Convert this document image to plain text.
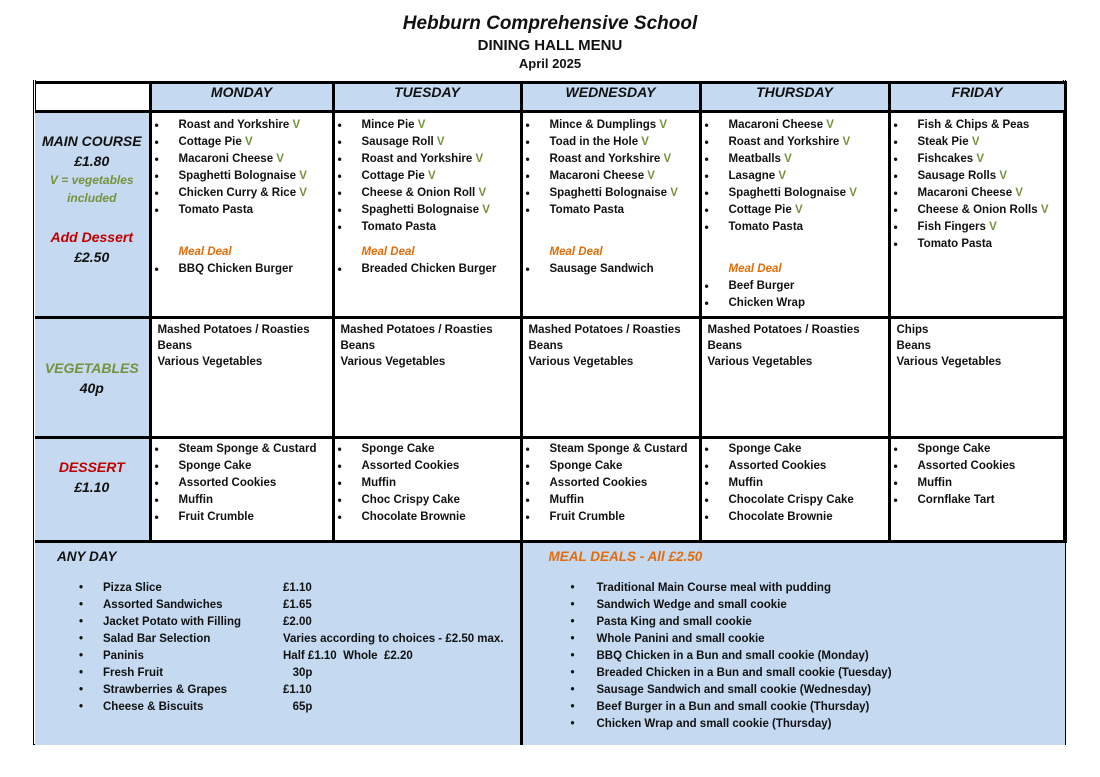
Hebburn Comprehensive School
DINING HALL MENU
April 2025
	MONDAY	TUESDAY	WEDNESDAY	THURSDAY	FRIDAY

MAIN COURSE
£1.80
V = vegetables
included
Add Dessert
£2.50

• Roast and Yorkshire V
• Cottage Pie V
• Macaroni Cheese V
• Spaghetti Bolognaise V
• Chicken Curry & Rice V
• Tomato Pasta
Meal Deal
• BBQ Chicken Burger

• Mince Pie V
• Sausage Roll V
• Roast and Yorkshire V
• Cottage Pie V
• Cheese & Onion Roll V
• Spaghetti Bolognaise V
• Tomato Pasta
Meal Deal
• Breaded Chicken Burger

• Mince & Dumplings V
• Toad in the Hole V
• Roast and Yorkshire V
• Macaroni Cheese V
• Spaghetti Bolognaise V
• Tomato Pasta
Meal Deal
• Sausage Sandwich

• Macaroni Cheese V
• Roast and Yorkshire V
• Meatballs V
• Lasagne V
• Spaghetti Bolognaise V
• Cottage Pie V
• Tomato Pasta
Meal Deal
• Beef Burger
• Chicken Wrap

• Fish & Chips & Peas
• Steak Pie V
• Fishcakes V
• Sausage Rolls V
• Macaroni Cheese V
• Cheese & Onion Rolls V
• Fish Fingers V
• Tomato Pasta

VEGETABLES
40p

Mashed Potatoes / Roasties
Beans
Various Vegetables

Mashed Potatoes / Roasties
Beans
Various Vegetables

Mashed Potatoes / Roasties
Beans
Various Vegetables

Mashed Potatoes / Roasties
Beans
Various Vegetables

Chips
Beans
Various Vegetables

DESSERT
£1.10

• Steam Sponge & Custard
• Sponge Cake
• Assorted Cookies
• Muffin
• Fruit Crumble

• Sponge Cake
• Assorted Cookies
• Muffin
• Choc Crispy Cake
• Chocolate Brownie

• Steam Sponge & Custard
• Sponge Cake
• Assorted Cookies
• Muffin
• Fruit Crumble

• Sponge Cake
• Assorted Cookies
• Muffin
• Chocolate Crispy Cake
• Chocolate Brownie

• Sponge Cake
• Assorted Cookies
• Muffin
• Cornflake Tart

ANY DAY
• Pizza Slice	£1.10
• Assorted Sandwiches	£1.65
• Jacket Potato with Filling	£2.00
• Salad Bar Selection	Varies according to choices - £2.50 max.
• Paninis	Half £1.10  Whole  £2.20
• Fresh Fruit	30p
• Strawberries & Grapes	£1.10
• Cheese & Biscuits	65p

MEAL DEALS - All £2.50
• Traditional Main Course meal with pudding
• Sandwich Wedge and small cookie
• Pasta King and small cookie
• Whole Panini and small cookie
• BBQ Chicken in a Bun and small cookie (Monday)
• Breaded Chicken in a Bun and small cookie (Tuesday)
• Sausage Sandwich and small cookie (Wednesday)
• Beef Burger in a Bun and small cookie (Thursday)
• Chicken Wrap and small cookie (Thursday)
